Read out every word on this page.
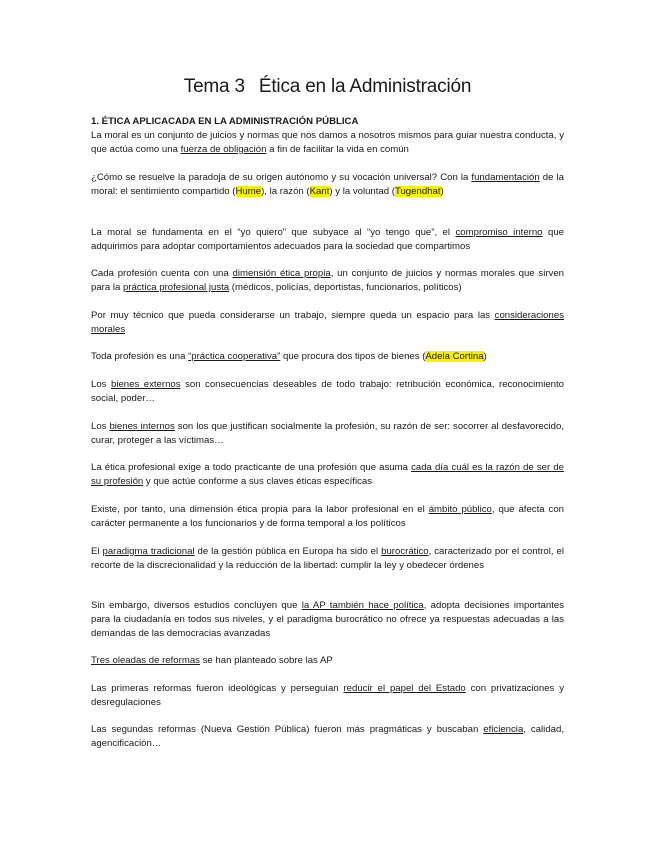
Tema 3 Ética en la Administración
1. ÉTICA APLICACADA EN LA ADMINISTRACIÓN PÚBLICA

La moral es un conjunto de juicios y normas que nos damos a nosotros mismos para guiar nuestra conducta, y que actúa como una fuerza de obligación a fin de facilitar la vida en común

¿Cómo se resuelve la paradoja de su origen autónomo y su vocación universal? Con la fundamentación de la moral: el sentimiento compartido (Hume), la razón (Kant) y la voluntad (Tugendhat)

La moral se fundamenta en el “yo quiero” que subyace al “yo tengo que”, el compromiso interno que adquirimos para adoptar comportamientos adecuados para la sociedad que compartimos

Cada profesión cuenta con una dimensión ética propia, un conjunto de juicios y normas morales que sirven para la práctica profesional justa (médicos, policías, deportistas, funcionarios, políticos)

Por muy técnico que pueda considerarse un trabajo, siempre queda un espacio para las consideraciones morales

Toda profesión es una “práctica cooperativa” que procura dos tipos de bienes (Adela Cortina)

Los bienes externos son consecuencias deseables de todo trabajo: retribución económica, reconocimiento social, poder…

Los bienes internos son los que justifican socialmente la profesión, su razón de ser: socorrer al desfavorecido, curar, proteger a las víctimas…

La ética profesional exige a todo practicante de una profesión que asuma cada día cuál es la razón de ser de su profesión y que actúe conforme a sus claves éticas específicas

Existe, por tanto, una dimensión ética propia para la labor profesional en el ámbito público, que afecta con carácter permanente a los funcionarios y de forma temporal a los políticos

El paradigma tradicional de la gestión pública en Europa ha sido el burocrático, caracterizado por el control, el recorte de la discrecionalidad y la reducción de la libertad: cumplir la ley y obedecer órdenes

Sin embargo, diversos estudios concluyen que la AP también hace política, adopta decisiones importantes para la ciudadanía en todos sus niveles, y el paradigma burocrático no ofrece ya respuestas adecuadas a las demandas de las democracias avanzadas

Tres oleadas de reformas se han planteado sobre las AP

Las primeras reformas fueron ideológicas y perseguían reducir el papel del Estado con privatizaciones y desregulaciones

Las segundas reformas (Nueva Gestión Pública) fueron más pragmáticas y buscaban eficiencia, calidad, agencificación…
